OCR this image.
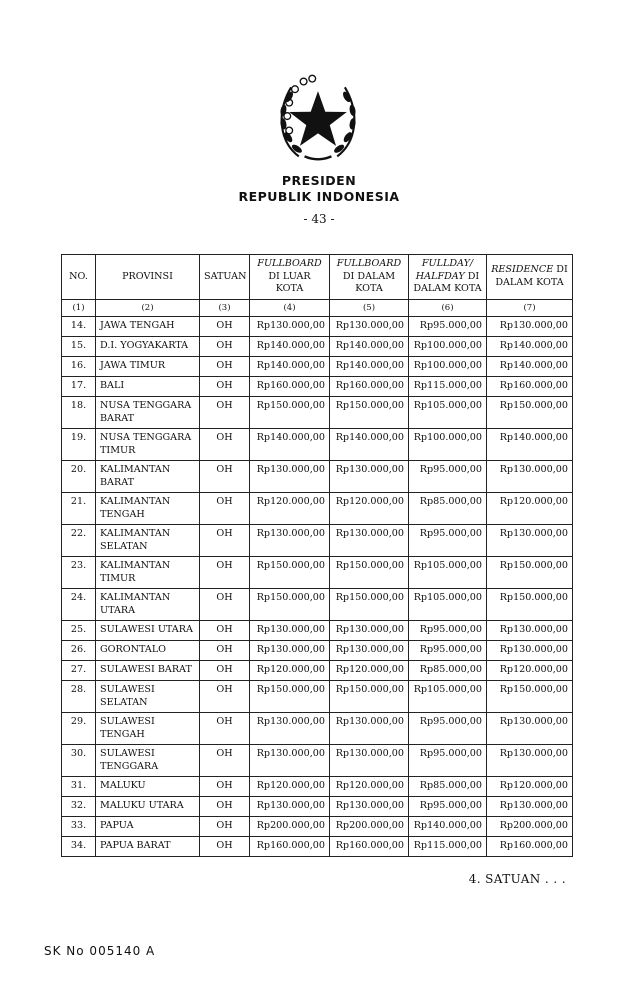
PRESIDEN
REPUBLIK INDONESIA
- 43 -
NO.	PROVINSI	SATUAN	FULLBOARD DI LUAR KOTA	FULLBOARD DI DALAM KOTA	FULLDAY/ HALFDAY DI DALAM KOTA	RESIDENCE DI DALAM KOTA
(1)	(2)	(3)	(4)	(5)	(6)	(7)
14.	JAWA TENGAH	OH	Rp130.000,00	Rp130.000,00	Rp95.000,00	Rp130.000,00
15.	D.I. YOGYAKARTA	OH	Rp140.000,00	Rp140.000,00	Rp100.000,00	Rp140.000,00
16.	JAWA TIMUR	OH	Rp140.000,00	Rp140.000,00	Rp100.000,00	Rp140.000,00
17.	BALI	OH	Rp160.000,00	Rp160.000,00	Rp115.000,00	Rp160.000,00
18.	NUSA TENGGARA BARAT	OH	Rp150.000,00	Rp150.000,00	Rp105.000,00	Rp150.000,00
19.	NUSA TENGGARA TIMUR	OH	Rp140.000,00	Rp140.000,00	Rp100.000,00	Rp140.000,00
20.	KALIMANTAN BARAT	OH	Rp130.000,00	Rp130.000,00	Rp95.000,00	Rp130.000,00
21.	KALIMANTAN TENGAH	OH	Rp120.000,00	Rp120.000,00	Rp85.000,00	Rp120.000,00
22.	KALIMANTAN SELATAN	OH	Rp130.000,00	Rp130.000,00	Rp95.000,00	Rp130.000,00
23.	KALIMANTAN TIMUR	OH	Rp150.000,00	Rp150.000,00	Rp105.000,00	Rp150.000,00
24.	KALIMANTAN UTARA	OH	Rp150.000,00	Rp150.000,00	Rp105.000,00	Rp150.000,00
25.	SULAWESI UTARA	OH	Rp130.000,00	Rp130.000,00	Rp95.000,00	Rp130.000,00
26.	GORONTALO	OH	Rp130.000,00	Rp130.000,00	Rp95.000,00	Rp130.000,00
27.	SULAWESI BARAT	OH	Rp120.000,00	Rp120.000,00	Rp85.000,00	Rp120.000,00
28.	SULAWESI SELATAN	OH	Rp150.000,00	Rp150.000,00	Rp105.000,00	Rp150.000,00
29.	SULAWESI TENGAH	OH	Rp130.000,00	Rp130.000,00	Rp95.000,00	Rp130.000,00
30.	SULAWESI TENGGARA	OH	Rp130.000,00	Rp130.000,00	Rp95.000,00	Rp130.000,00
31.	MALUKU	OH	Rp120.000,00	Rp120.000,00	Rp85.000,00	Rp120.000,00
32.	MALUKU UTARA	OH	Rp130.000,00	Rp130.000,00	Rp95.000,00	Rp130.000,00
33.	PAPUA	OH	Rp200.000,00	Rp200.000,00	Rp140.000,00	Rp200.000,00
34.	PAPUA BARAT	OH	Rp160.000,00	Rp160.000,00	Rp115.000,00	Rp160.000,00
4. SATUAN . . .
SK No 005140 A
